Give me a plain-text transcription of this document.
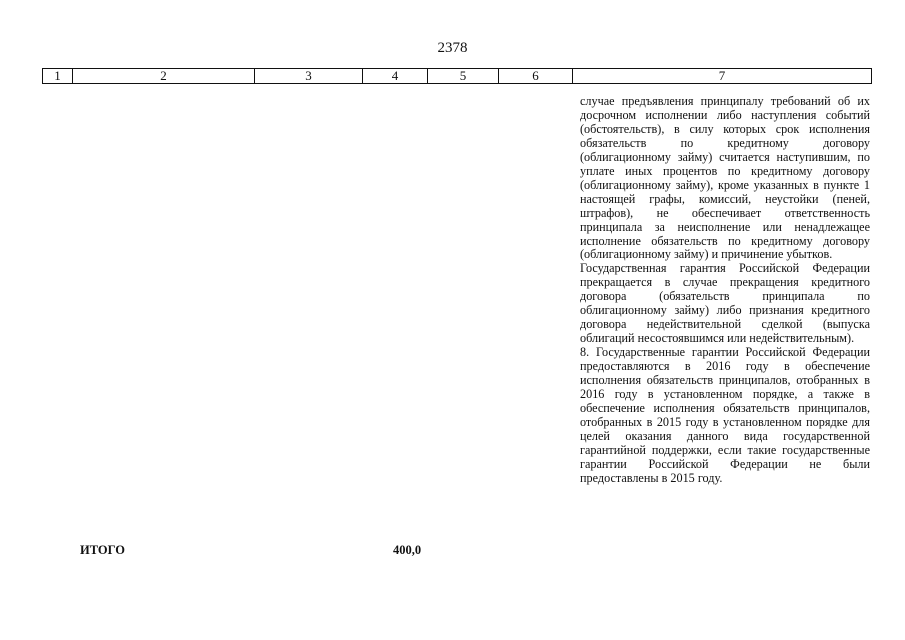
2378
1	2	3	4	5	6	7

случае предъявления принципалу требований об их досрочном исполнении либо наступления событий (обстоятельств), в силу которых срок исполнения обязательств по кредитному договору (облигационному займу) считается наступившим, по уплате иных процентов по кредитному договору (облигационному займу), кроме указанных в пункте 1 настоящей графы, комиссий, неустойки (пеней, штрафов), не обеспечивает ответственность принципала за неисполнение или ненадлежащее исполнение обязательств по кредитному договору (облигационному займу) и причинение убытков.

Государственная гарантия Российской Федерации прекращается в случае прекращения кредитного договора (обязательств принципала по облигационному займу) либо признания кредитного договора недействительной сделкой (выпуска облигаций несостоявшимся или недействительным).

8. Государственные гарантии Российской Федерации предоставляются в 2016 году в обеспечение исполнения обязательств принципалов, отобранных в 2016 году в установленном порядке, а также в обеспечение исполнения обязательств принципалов, отобранных в 2015 году в установленном порядке для целей оказания данного вида государственной гарантийной поддержки, если такие государственные гарантии Российской Федерации не были предоставлены в 2015 году.

ИТОГО	400,0
